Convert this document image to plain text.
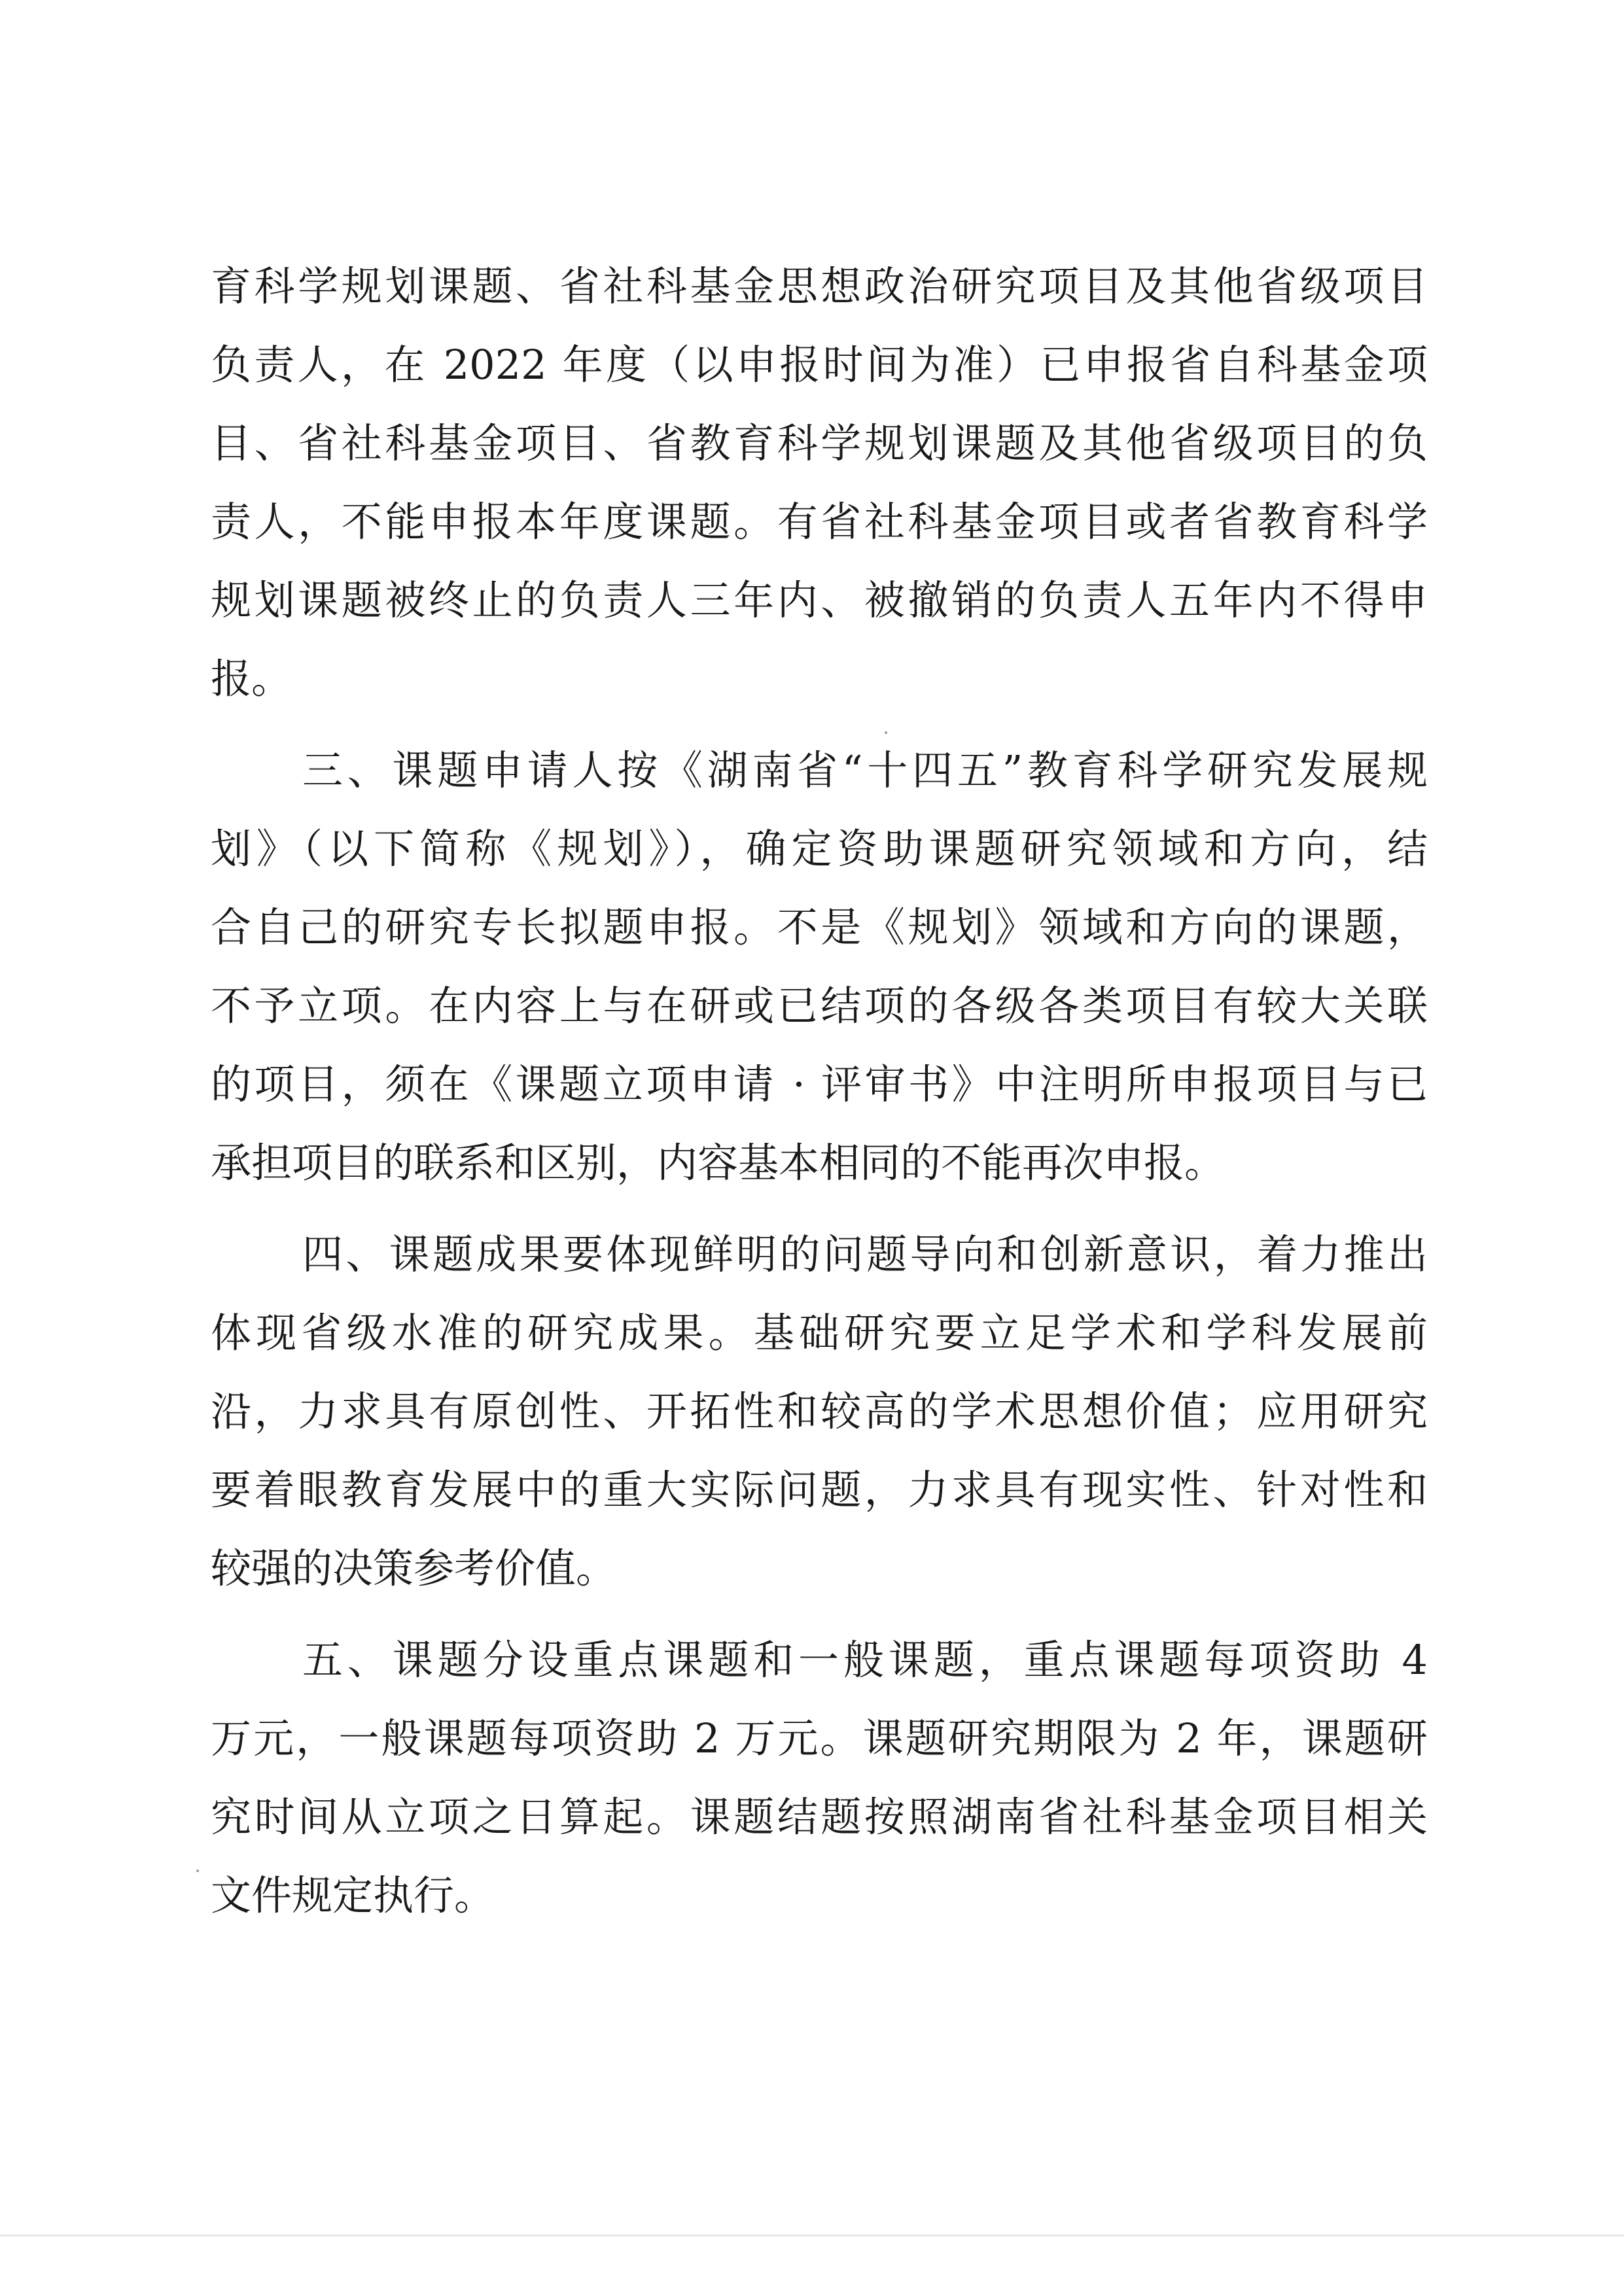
育科学规划课题、省社科基金思想政治研究项目及其他省级项目
负责人，在 2022 年度（以申报时间为准）已申报省自科基金项
目、省社科基金项目、省教育科学规划课题及其他省级项目的负
责人，不能申报本年度课题。有省社科基金项目或者省教育科学
规划课题被终止的负责人三年内、被撤销的负责人五年内不得申
报。
三、课题申请人按《湖南省“十四五”教育科学研究发展规
划》（以下简称《规划》），确定资助课题研究领域和方向，结
合自己的研究专长拟题申报。不是《规划》领域和方向的课题，
不予立项。在内容上与在研或已结项的各级各类项目有较大关联
的项目，须在《课题立项申请 · 评审书》中注明所申报项目与已
承担项目的联系和区别，内容基本相同的不能再次申报。
四、课题成果要体现鲜明的问题导向和创新意识，着力推出
体现省级水准的研究成果。基础研究要立足学术和学科发展前
沿，力求具有原创性、开拓性和较高的学术思想价值；应用研究
要着眼教育发展中的重大实际问题，力求具有现实性、针对性和
较强的决策参考价值。
五、课题分设重点课题和一般课题，重点课题每项资助 4
万元，一般课题每项资助 2 万元。课题研究期限为 2 年，课题研
究时间从立项之日算起。课题结题按照湖南省社科基金项目相关
文件规定执行。
